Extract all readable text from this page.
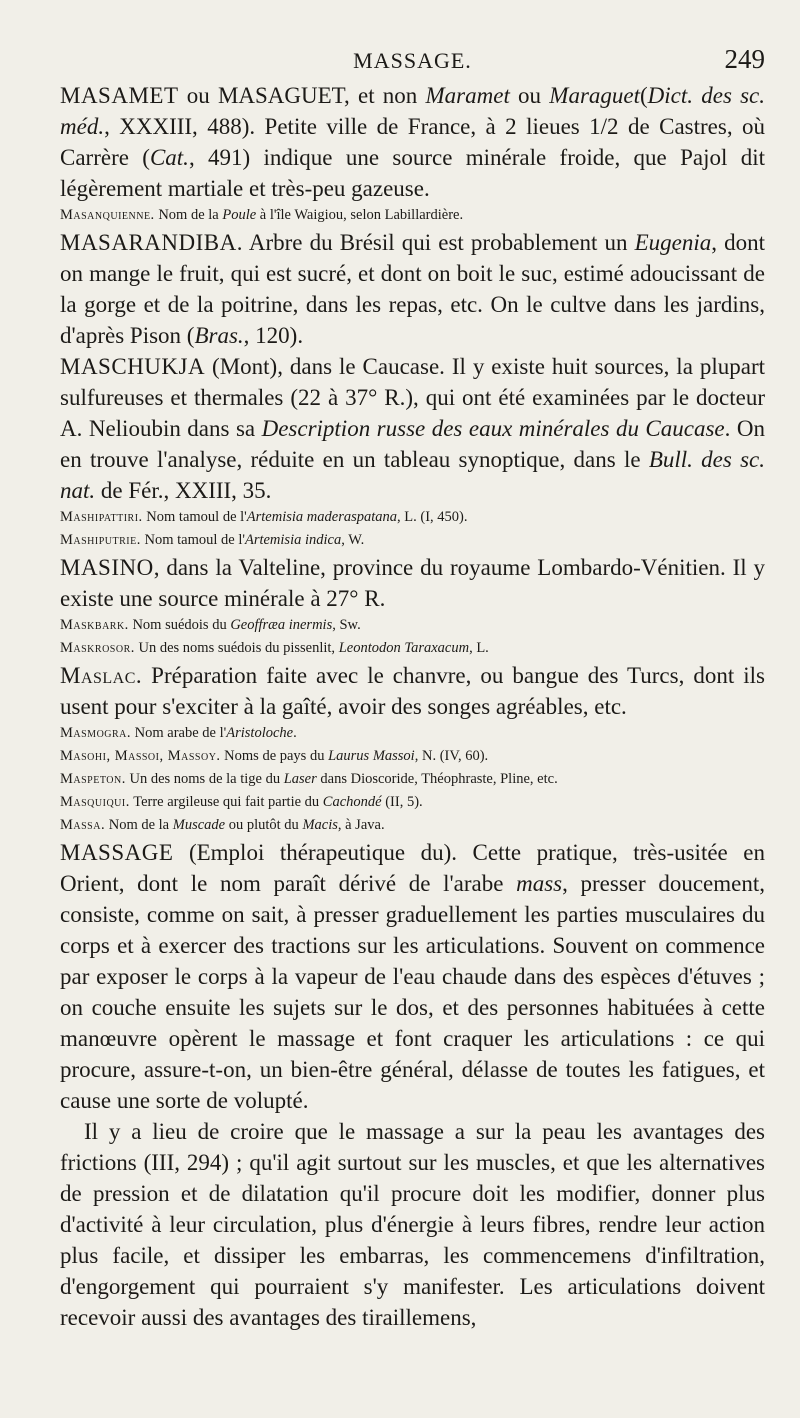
MASSAGE.	249

MASAMET ou MASAGUET, et non Maramet ou Maraguet(Dict. des sc. méd., XXXIII, 488). Petite ville de France, à 2 lieues 1/2 de Castres, où Carrère (Cat., 491) indique une source minérale froide, que Pajol dit légèrement martiale et très-peu gazeuse.

Masanquienne. Nom de la Poule à l'île Waigiou, selon Labillardière.

MASARANDIBA. Arbre du Brésil qui est probablement un Eugenia, dont on mange le fruit, qui est sucré, et dont on boit le suc, estimé adoucissant de la gorge et de la poitrine, dans les repas, etc. On le cultve dans les jardins, d'après Pison (Bras., 120).

MASCHUKJA (Mont), dans le Caucase. Il y existe huit sources, la plupart sulfureuses et thermales (22 à 37° R.), qui ont été examinées par le docteur A. Nelioubin dans sa Description russe des eaux minérales du Caucase. On en trouve l'analyse, réduite en un tableau synoptique, dans le Bull. des sc. nat. de Fér., XXIII, 35.

Mashipattiri. Nom tamoul de l'Artemisia maderaspatana, L. (I, 450).

Mashiputrie. Nom tamoul de l'Artemisia indica, W.

MASINO, dans la Valteline, province du royaume Lombardo-Vénitien. Il y existe une source minérale à 27° R.

Maskbark. Nom suédois du Geoffræa inermis, Sw.

Maskrosor. Un des noms suédois du pissenlit, Leontodon Taraxacum, L.

Maslac. Préparation faite avec le chanvre, ou bangue des Turcs, dont ils usent pour s'exciter à la gaîté, avoir des songes agréables, etc.

Masmogra. Nom arabe de l'Aristoloche.

Masohi, Massoi, Massoy. Noms de pays du Laurus Massoi, N. (IV, 60).

Maspeton. Un des noms de la tige du Laser dans Dioscoride, Théophraste, Pline, etc.

Masquiqui. Terre argileuse qui fait partie du Cachondé (II, 5).

Massa. Nom de la Muscade ou plutôt du Macis, à Java.

MASSAGE (Emploi thérapeutique du). Cette pratique, très-usitée en Orient, dont le nom paraît dérivé de l'arabe mass, presser doucement, consiste, comme on sait, à presser graduellement les parties musculaires du corps et à exercer des tractions sur les articulations. Souvent on commence par exposer le corps à la vapeur de l'eau chaude dans des espèces d'étuves ; on couche ensuite les sujets sur le dos, et des personnes habituées à cette manœuvre opèrent le massage et font craquer les articulations : ce qui procure, assure-t-on, un bien-être général, délasse de toutes les fatigues, et cause une sorte de volupté.

Il y a lieu de croire que le massage a sur la peau les avantages des frictions (III, 294) ; qu'il agit surtout sur les muscles, et que les alternatives de pression et de dilatation qu'il procure doit les modifier, donner plus d'activité à leur circulation, plus d'énergie à leurs fibres, rendre leur action plus facile, et dissiper les embarras, les commencemens d'infiltration, d'engorgement qui pourraient s'y manifester. Les articulations doivent recevoir aussi des avantages des tiraillemens,
